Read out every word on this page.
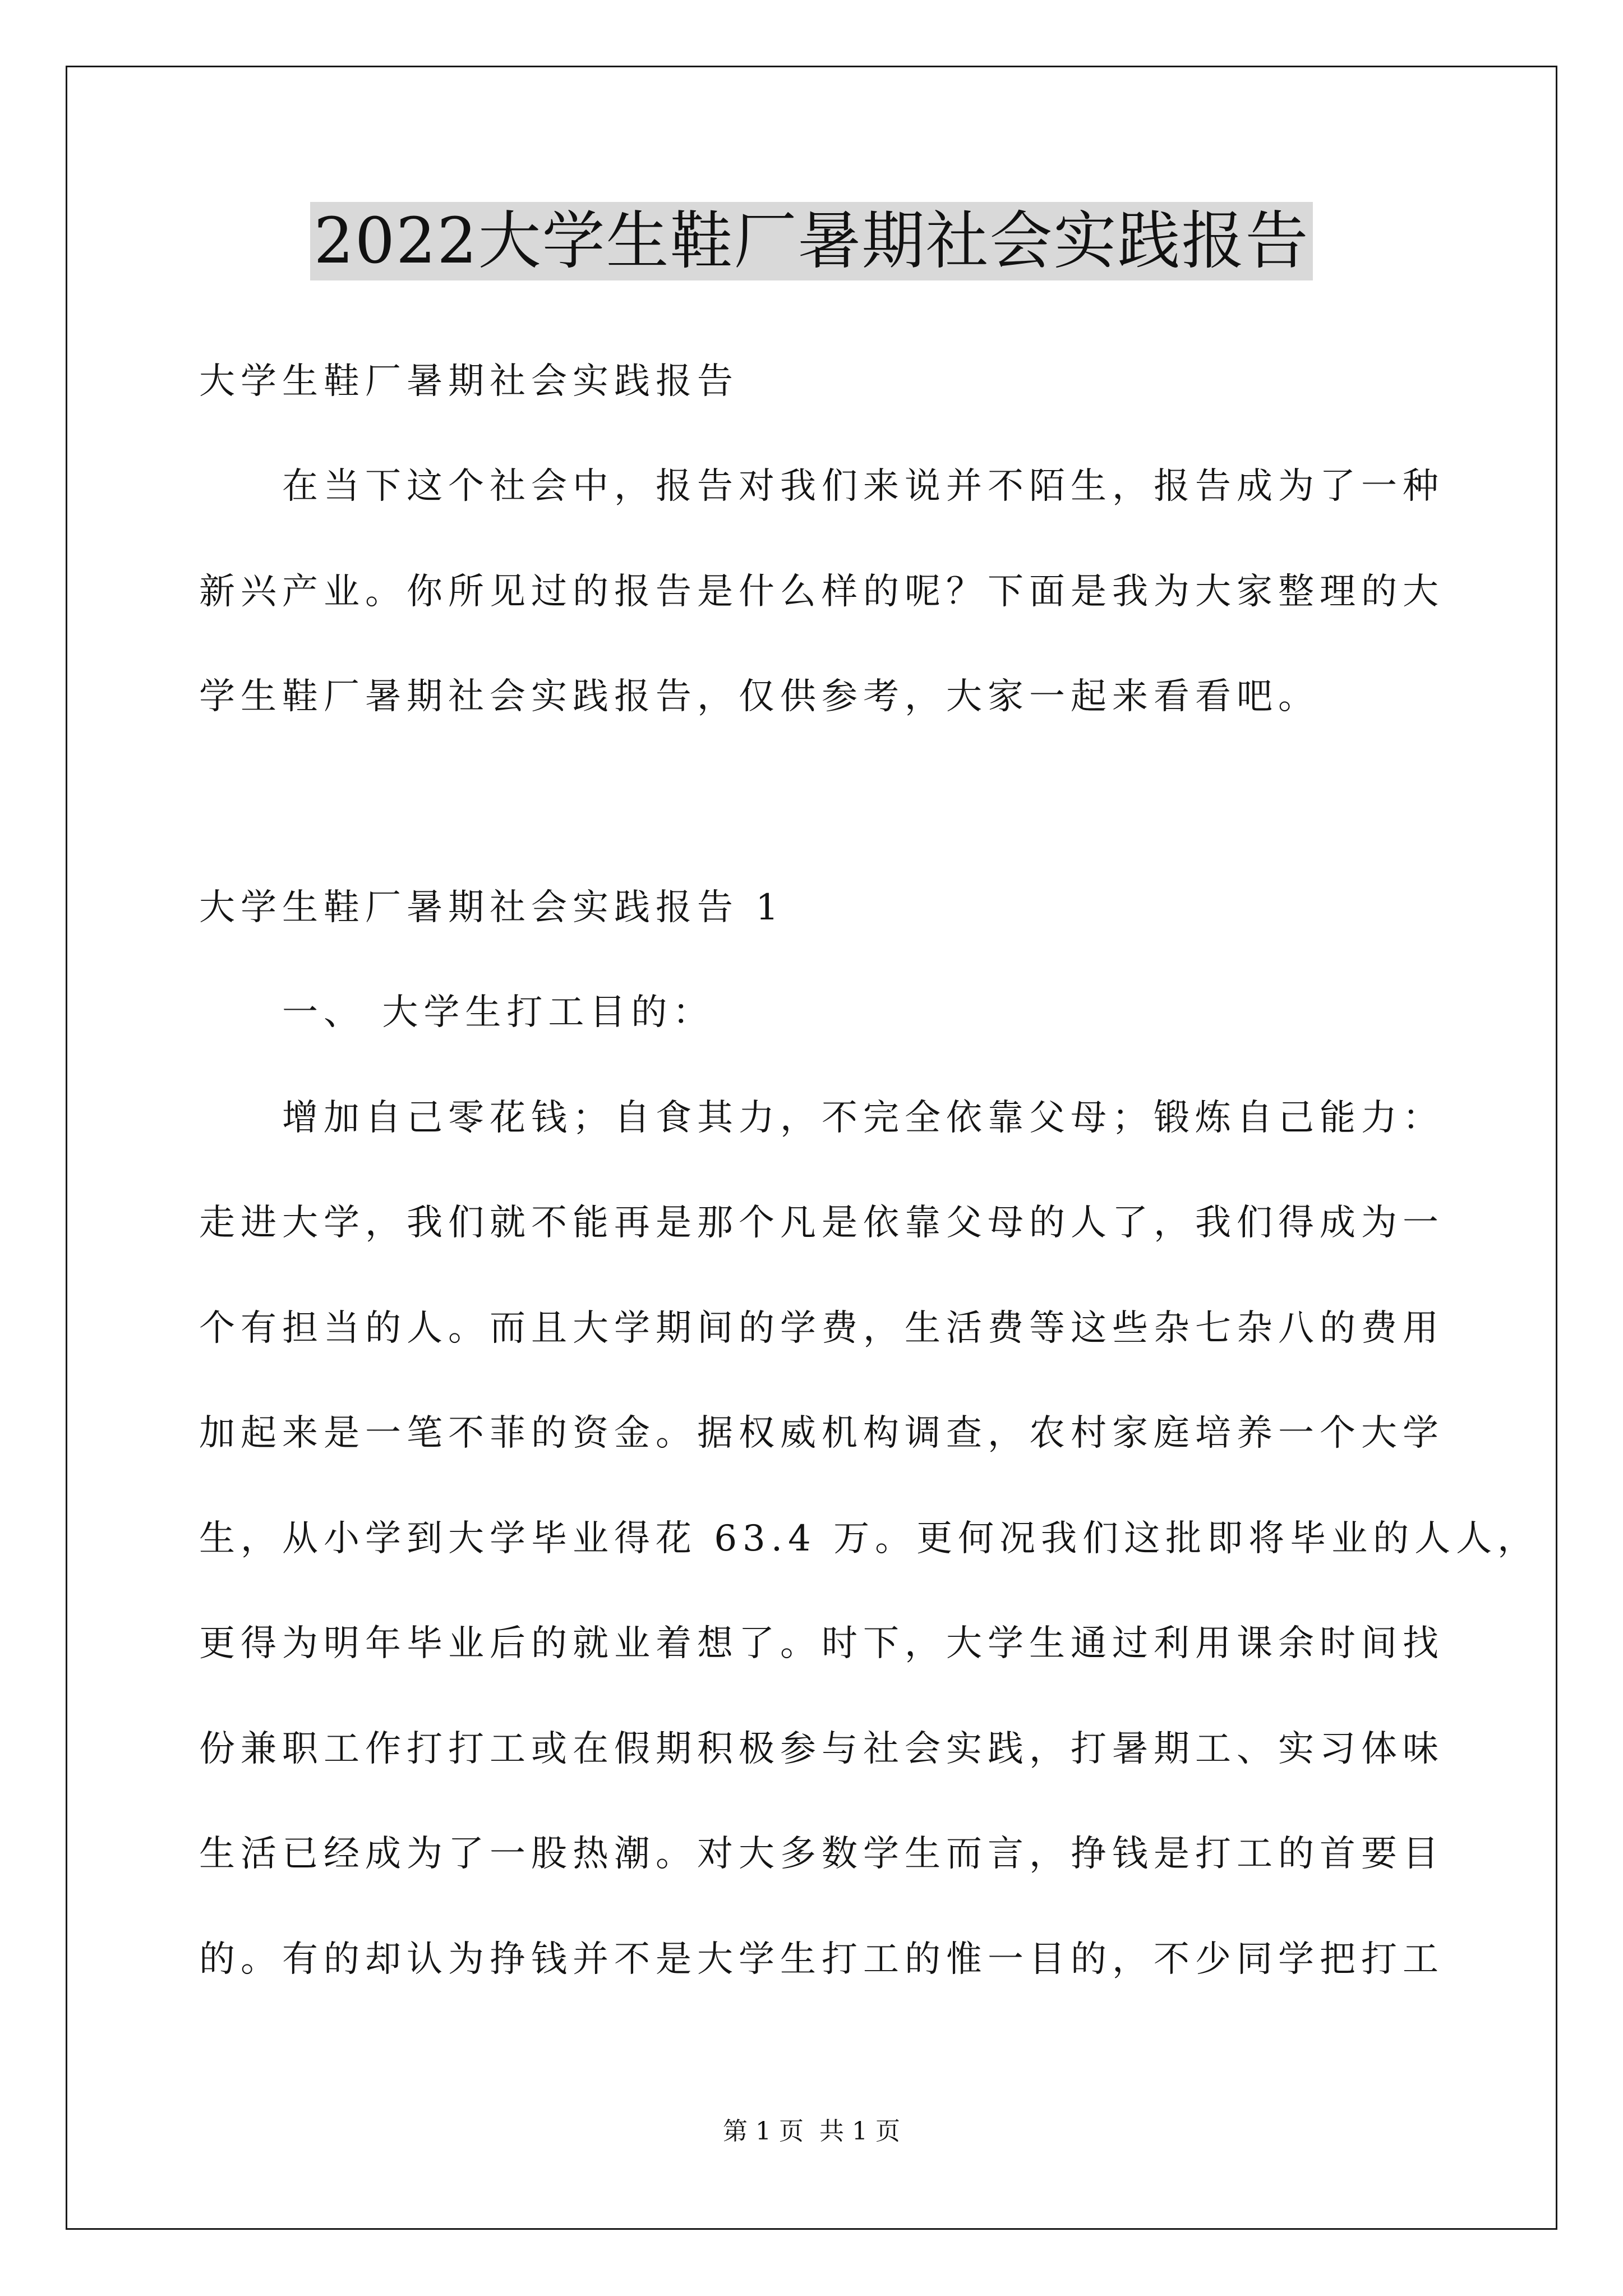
2022大学生鞋厂暑期社会实践报告
大学生鞋厂暑期社会实践报告
在当下这个社会中，报告对我们来说并不陌生，报告成为了一种
新兴产业。你所见过的报告是什么样的呢？下面是我为大家整理的大
学生鞋厂暑期社会实践报告，仅供参考，大家一起来看看吧。
大学生鞋厂暑期社会实践报告 1
一、 大学生打工目的：
增加自己零花钱；自食其力，不完全依靠父母；锻炼自己能力：
走进大学，我们就不能再是那个凡是依靠父母的人了，我们得成为一
个有担当的人。而且大学期间的学费，生活费等这些杂七杂八的费用
加起来是一笔不菲的资金。据权威机构调查，农村家庭培养一个大学
生，从小学到大学毕业得花 63.4 万。更何况我们这批即将毕业的人人，
更得为明年毕业后的就业着想了。时下，大学生通过利用课余时间找
份兼职工作打打工或在假期积极参与社会实践，打暑期工、实习体味
生活已经成为了一股热潮。对大多数学生而言，挣钱是打工的首要目
的。有的却认为挣钱并不是大学生打工的惟一目的，不少同学把打工
第 1 页 共 1 页
